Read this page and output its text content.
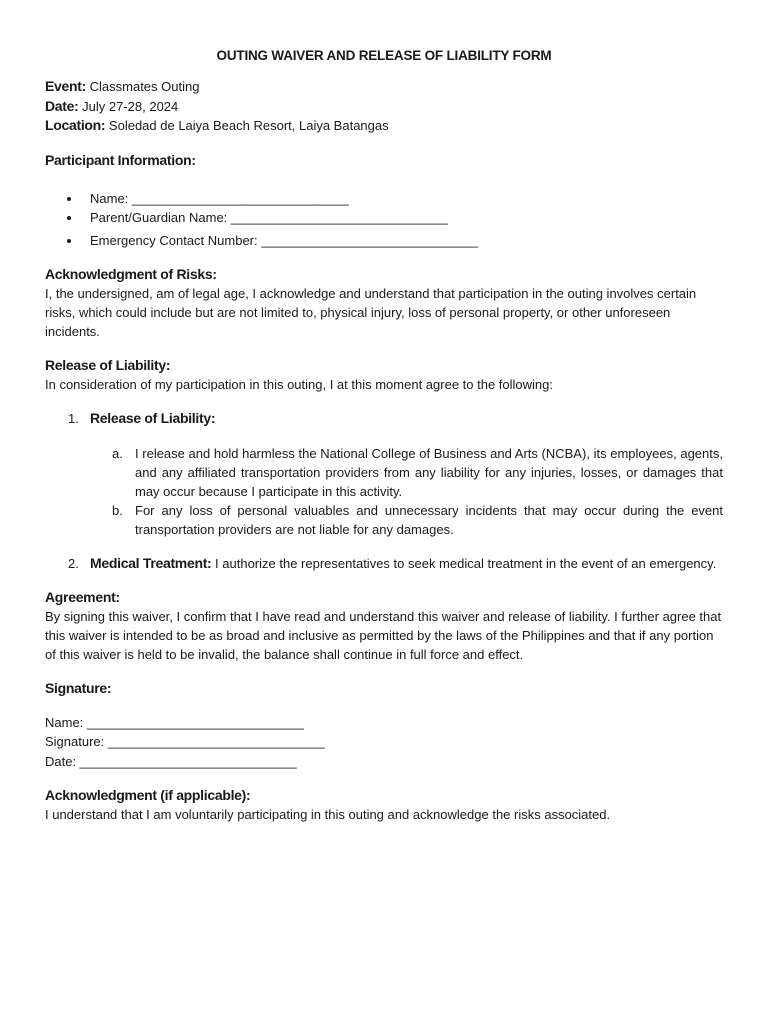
OUTING WAIVER AND RELEASE OF LIABILITY FORM

Event: Classmates Outing

Date: July 27-28, 2024

Location: Soledad de Laiya Beach Resort, Laiya Batangas

Participant Information:
Name: ______________________________
Parent/Guardian Name: ______________________________
Emergency Contact Number: ______________________________
Acknowledgment of Risks:

I, the undersigned, am of legal age, I acknowledge and understand that participation in the outing involves certain risks, which could include but are not limited to, physical injury, loss of personal property, or other unforeseen incidents.

Release of Liability:

In consideration of my participation in this outing, I at this moment agree to the following:

1. Release of Liability:
a. I release and hold harmless the National College of Business and Arts (NCBA), its employees, agents, and any affiliated transportation providers from any liability for any injuries, losses, or damages that may occur because I participate in this activity.
b. For any loss of personal valuables and unnecessary incidents that may occur during the event transportation providers are not liable for any damages.
2. Medical Treatment: I authorize the representatives to seek medical treatment in the event of an emergency.
Agreement:

By signing this waiver, I confirm that I have read and understand this waiver and release of liability. I further agree that this waiver is intended to be as broad and inclusive as permitted by the laws of the Philippines and that if any portion of this waiver is held to be invalid, the balance shall continue in full force and effect.

Signature:

Name: ______________________________

Signature: ______________________________

Date: ______________________________

Acknowledgment (if applicable):

I understand that I am voluntarily participating in this outing and acknowledge the risks associated.
